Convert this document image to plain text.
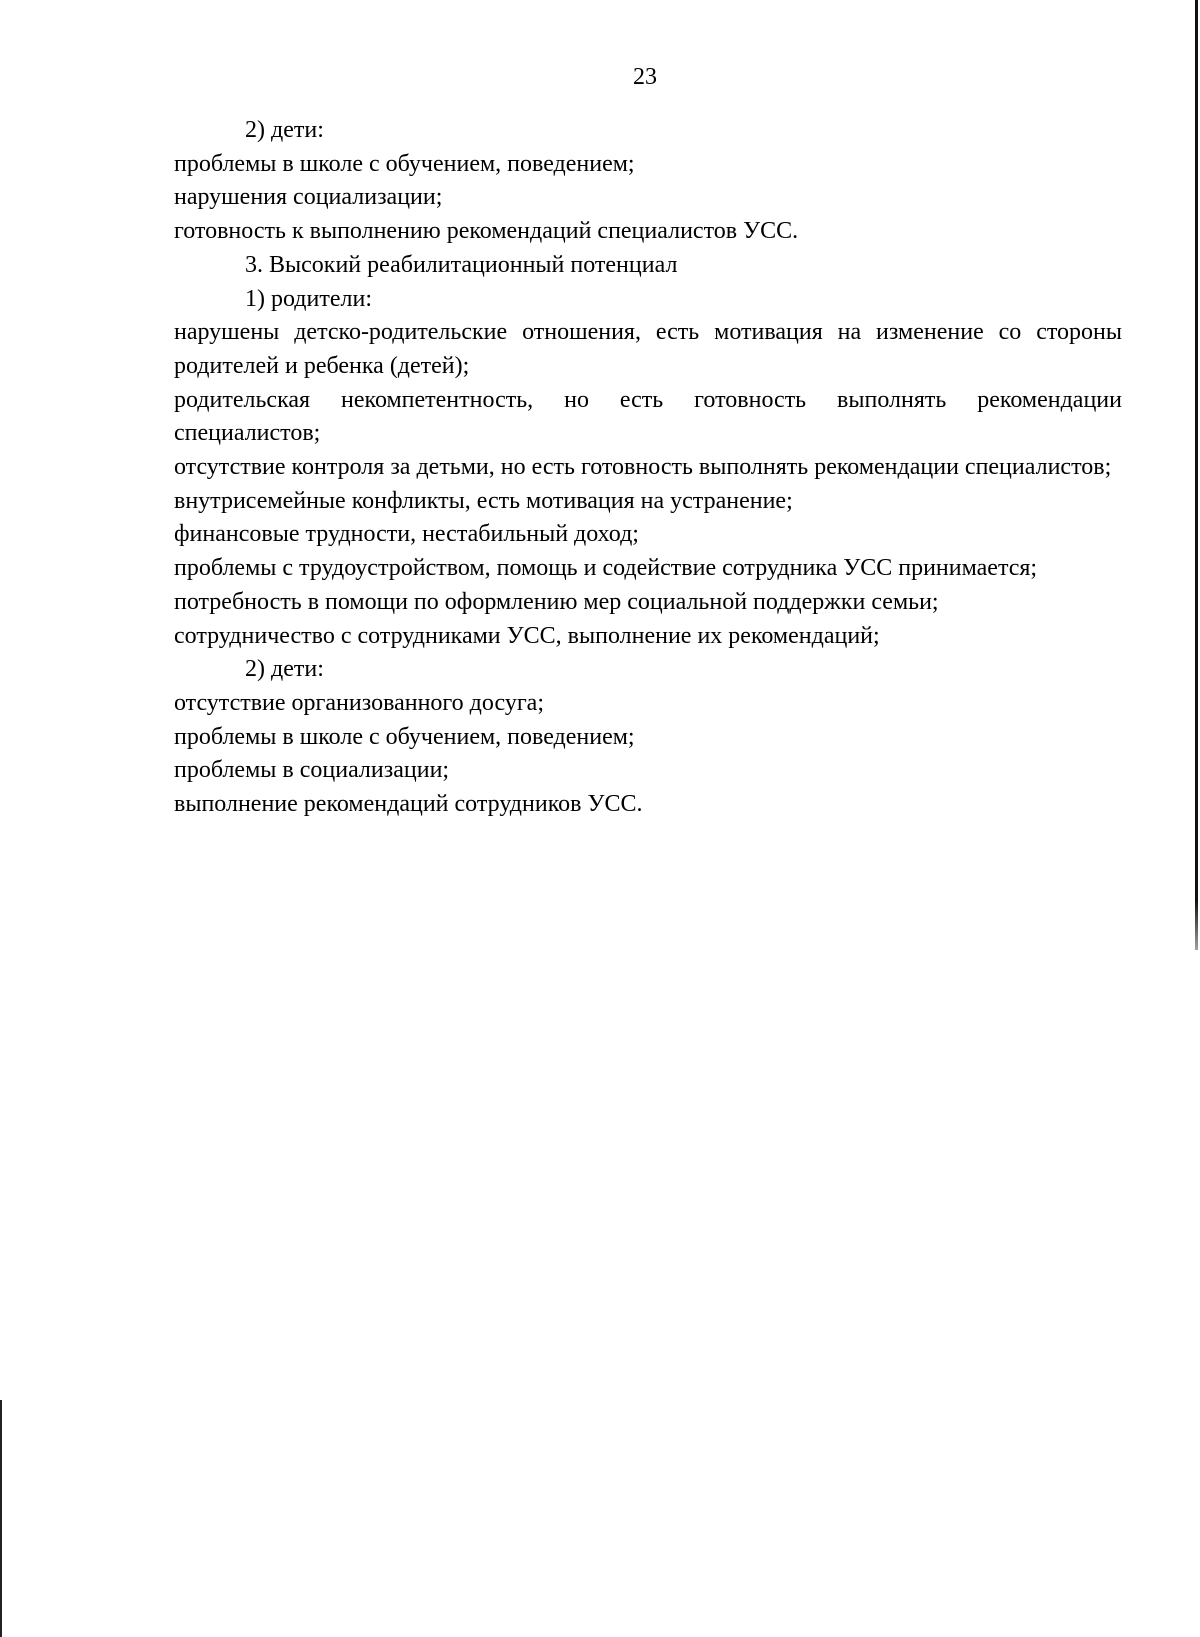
23

2) дети:

проблемы в школе с обучением, поведением;

нарушения социализации;

готовность к выполнению рекомендаций специалистов УСС.

3. Высокий реабилитационный потенциал

1) родители:

нарушены детско-родительские отношения, есть мотивация на изменение со стороны родителей и ребенка (детей);

родительская некомпетентность, но есть готовность выполнять рекомендации специалистов;

отсутствие контроля за детьми, но есть готовность выполнять рекомендации специалистов;

внутрисемейные конфликты, есть мотивация на устранение;

финансовые трудности, нестабильный доход;

проблемы с трудоустройством, помощь и содействие сотрудника УСС принимается;

потребность в помощи по оформлению мер социальной поддержки семьи;

сотрудничество с сотрудниками УСС, выполнение их рекомендаций;

2) дети:

отсутствие организованного досуга;

проблемы в школе с обучением, поведением;

проблемы в социализации;

выполнение рекомендаций сотрудников УСС.
